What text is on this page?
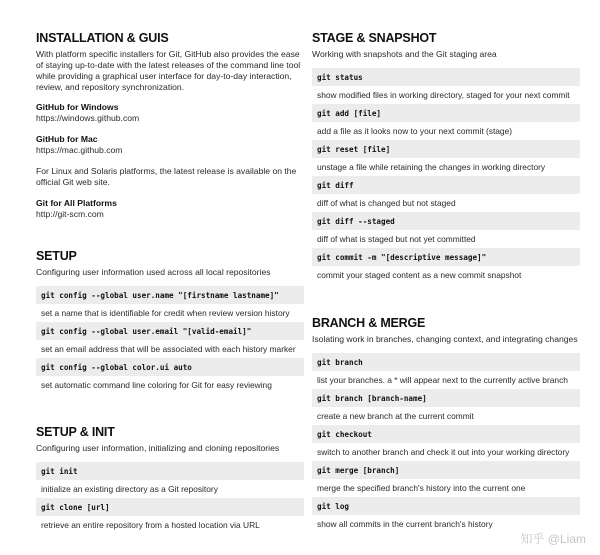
INSTALLATION & GUIS

With platform specific installers for Git, GitHub also provides the ease of staying up-to-date with the latest releases of the command line tool while providing a graphical user interface for day-to-day interaction, review, and repository synchronization.

GitHub for Windows

https://windows.github.com

GitHub for Mac

https://mac.github.com

For Linux and Solaris platforms, the latest release is available on the official Git web site.

Git for All Platforms

http://git-scm.com

SETUP

Configuring user information used across all local repositories

git config --global user.name "[firstname lastname]"
set a name that is identifiable for credit when review version history
git config --global user.email "[valid-email]"
set an email address that will be associated with each history marker
git config --global color.ui auto
set automatic command line coloring for Git for easy reviewing
SETUP & INIT

Configuring user information, initializing and cloning repositories

git init
initialize an existing directory as a Git repository
git clone [url]
retrieve an entire repository from a hosted location via URL
STAGE & SNAPSHOT

Working with snapshots and the Git staging area

git status
show modified files in working directory, staged for your next commit
git add [file]
add a file as it looks now to your next commit (stage)
git reset [file]
unstage a file while retaining the changes in working directory
git diff
diff of what is changed but not staged
git diff --staged
diff of what is staged but not yet committed
git commit -m "[descriptive message]"
commit your staged content as a new commit snapshot
BRANCH & MERGE

Isolating work in branches, changing context, and integrating changes

git branch
list your branches. a * will appear next to the currently active branch
git branch [branch-name]
create a new branch at the current commit
git checkout
switch to another branch and check it out into your working directory
git merge [branch]
merge the specified branch's history into the current one
git log
show all commits in the current branch's history
知乎 @Liam
